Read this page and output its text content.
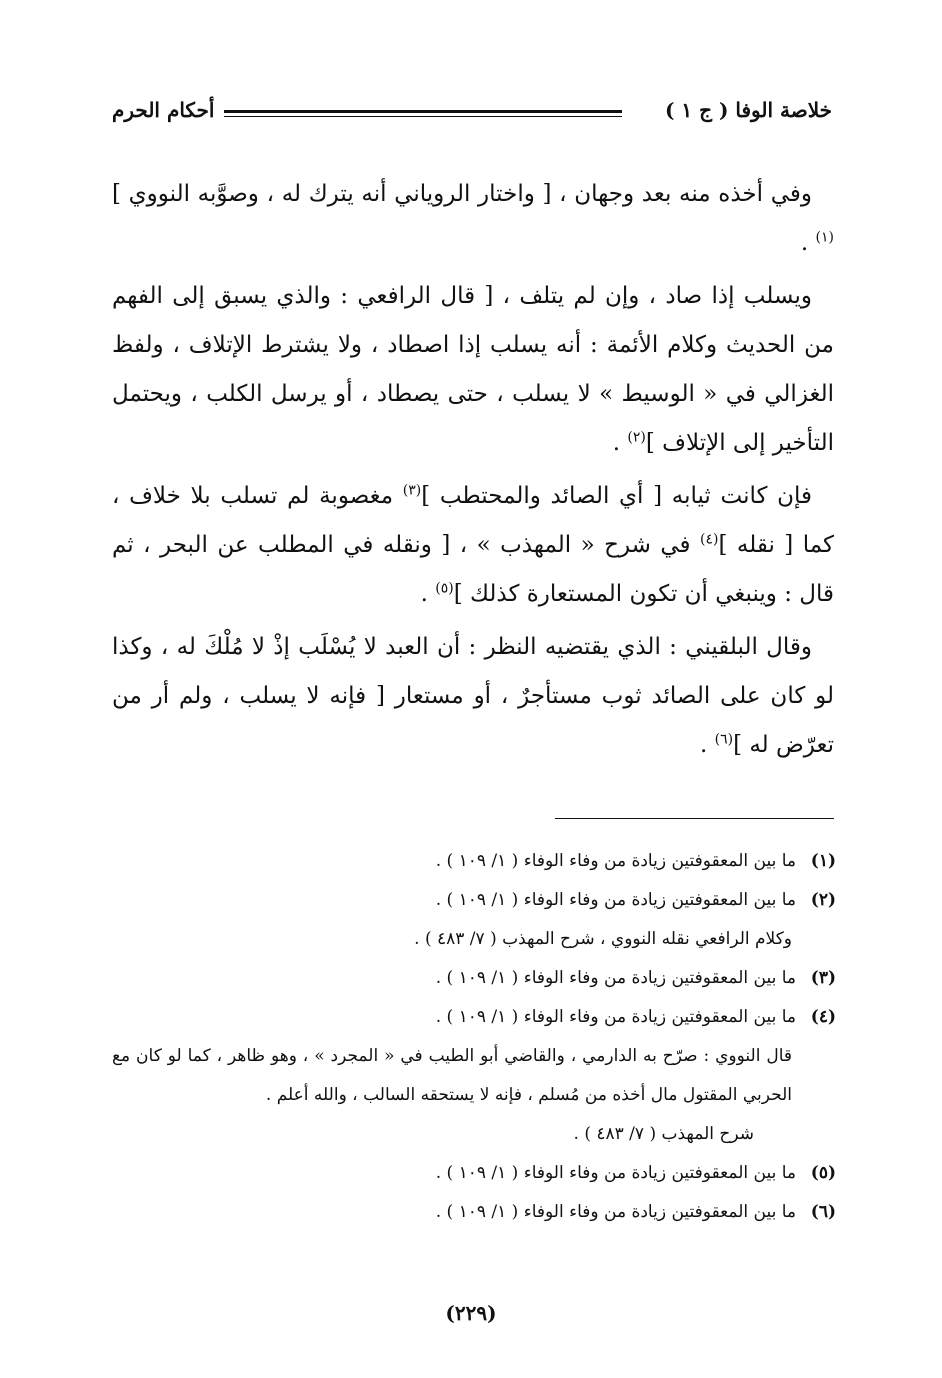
خلاصة الوفا ( ج ١ )
أحكام الحرم

وفي أخذه منه بعد وجهان ، [ واختار الروياني أنه يترك له ، وصوَّبه النووي ]$^{(١)}$ .

ويسلب إذا صاد ، وإن لم يتلف ، [ قال الرافعي : والذي يسبق إلى الفهم من الحديث وكلام الأئمة : أنه يسلب إذا اصطاد ، ولا يشترط الإتلاف ، ولفظ الغزالي في « الوسيط » لا يسلب ، حتى يصطاد ، أو يرسل الكلب ، ويحتمل التأخير إلى الإتلاف ]$^{(٢)}$ .

فإن كانت ثيابه [ أي الصائد والمحتطب ]$^{(٣)}$ مغصوبة لم تسلب بلا خلاف ، كما [ نقله ]$^{(٤)}$ في شرح « المهذب » ، [ ونقله في المطلب عن البحر ، ثم قال : وينبغي أن تكون المستعارة كذلك ]$^{(٥)}$ .

وقال البلقيني : الذي يقتضيه النظر : أن العبد لا يُسْلَب إذْ لا مُلْكَ له ، وكذا لو كان على الصائد ثوب مستأجرٌ ، أو مستعار [ فإنه لا يسلب ، ولم أر من تعرّض له ]$^{(٦)}$ .

(١)ما بين المعقوفتين زيادة من وفاء الوفاء ( ١/ ١٠٩ ) .
(٢)ما بين المعقوفتين زيادة من وفاء الوفاء ( ١/ ١٠٩ ) .
وكلام الرافعي نقله النووي ، شرح المهذب ( ٧/ ٤٨٣ ) .
(٣)ما بين المعقوفتين زيادة من وفاء الوفاء ( ١/ ١٠٩ ) .
(٤)ما بين المعقوفتين زيادة من وفاء الوفاء ( ١/ ١٠٩ ) .
قال النووي : صرّح به الدارمي ، والقاضي أبو الطيب في « المجرد » ، وهو ظاهر ، كما لو كان مع الحربي المقتول مال أخذه من مُسلم ، فإنه لا يستحقه السالب ، والله أعلم .
شرح المهذب ( ٧/ ٤٨٣ ) .
(٥)ما بين المعقوفتين زيادة من وفاء الوفاء ( ١/ ١٠٩ ) .
(٦)ما بين المعقوفتين زيادة من وفاء الوفاء ( ١/ ١٠٩ ) .
(٢٢٩)
